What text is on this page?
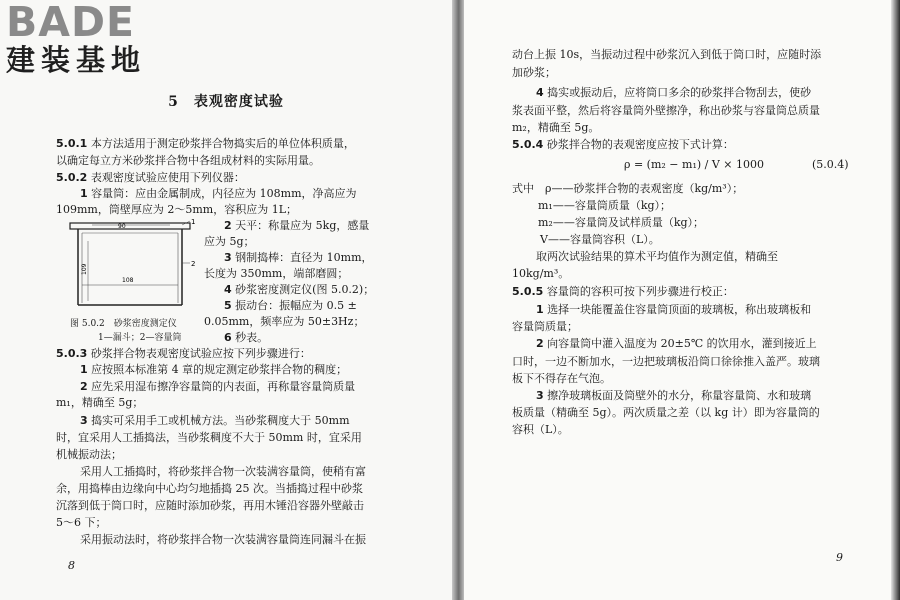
BADE
建装基地
5　表观密度试验
5.0.1 本方法适用于测定砂浆拌合物捣实后的单位体积质量，
以确定每立方米砂浆拌合物中各组成材料的实际用量。
5.0.2 表观密度试验应使用下列仪器：
1 容量筒：应由金属制成，内径应为 108mm，净高应为
109mm，筒壁厚应为 2～5mm，容积应为 1L；
2 天平：称量应为 5kg，感量
应为 5g；
3 钢制捣棒：直径为 10mm，
长度为 350mm，端部磨圆；
4 砂浆密度测定仪(图 5.0.2)；
5 振动台：振幅应为 0.5 ±
0.05mm，频率应为 50±3Hz；
6 秒表。
90
108
109
1
2
图 5.0.2　砂浆密度测定仪
1—漏斗；2—容量筒
5.0.3 砂浆拌合物表观密度试验应按下列步骤进行：
1 应按照本标准第 4 章的规定测定砂浆拌合物的稠度；
2 应先采用湿布擦净容量筒的内表面，再称量容量筒质量
m₁，精确至 5g；
3 捣实可采用手工或机械方法。当砂浆稠度大于 50mm
时，宜采用人工插捣法，当砂浆稠度不大于 50mm 时，宜采用
机械振动法；
采用人工插捣时，将砂浆拌合物一次装满容量筒，使稍有富
余，用捣棒由边缘向中心均匀地插捣 25 次。当插捣过程中砂浆
沉落到低于筒口时，应随时添加砂浆，再用木锤沿容器外壁敲击
5～6 下；
采用振动法时，将砂浆拌合物一次装满容量筒连同漏斗在振
8
动台上振 10s，当振动过程中砂浆沉入到低于筒口时，应随时添
加砂浆；
4 捣实或振动后，应将筒口多余的砂浆拌合物刮去，使砂
浆表面平整，然后将容量筒外壁擦净，称出砂浆与容量筒总质量
m₂，精确至 5g。
5.0.4 砂浆拌合物的表观密度应按下式计算：
ρ = (m₂ − m₁) / V × 1000	(5.0.4)
式中　ρ——砂浆拌合物的表观密度（kg/m³）；
m₁——容量筒质量（kg）；
m₂——容量筒及试样质量（kg）；
V——容量筒容积（L）。
取两次试验结果的算术平均值作为测定值，精确至
10kg/m³。
5.0.5 容量筒的容积可按下列步骤进行校正：
1 选择一块能覆盖住容量筒顶面的玻璃板，称出玻璃板和
容量筒质量；
2 向容量筒中灌入温度为 20±5℃ 的饮用水，灌到接近上
口时，一边不断加水，一边把玻璃板沿筒口徐徐推入盖严。玻璃
板下不得存在气泡。
3 擦净玻璃板面及筒壁外的水分，称量容量筒、水和玻璃
板质量（精确至 5g）。两次质量之差（以 kg 计）即为容量筒的
容积（L）。
9
